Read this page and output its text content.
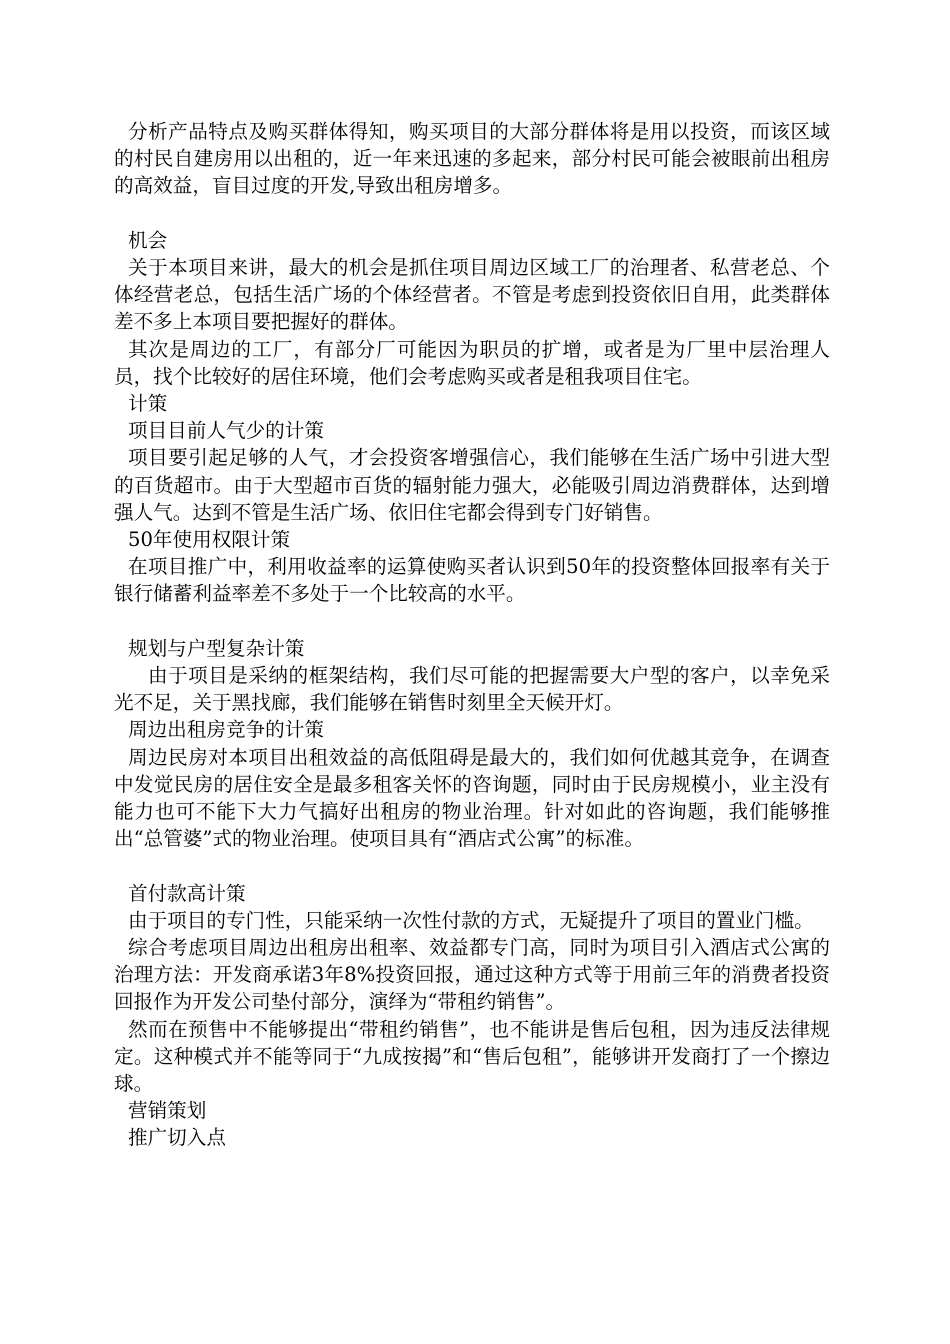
分析产品特点及购买群体得知，购买项目的大部分群体将是用以投资，而该区域的村民自建房用以出租的，近一年来迅速的多起来，部分村民可能会被眼前出租房的高效益，盲目过度的开发,导致出租房增多。

机会

关于本项目来讲，最大的机会是抓住项目周边区域工厂的治理者、私营老总、个体经营老总，包括生活广场的个体经营者。不管是考虑到投资依旧自用，此类群体差不多上本项目要把握好的群体。

其次是周边的工厂，有部分厂可能因为职员的扩增，或者是为厂里中层治理人员，找个比较好的居住环境，他们会考虑购买或者是租我项目住宅。

计策

项目目前人气少的计策

项目要引起足够的人气，才会投资客增强信心，我们能够在生活广场中引进大型的百货超市。由于大型超市百货的辐射能力强大，必能吸引周边消费群体，达到增强人气。达到不管是生活广场、依旧住宅都会得到专门好销售。

50年使用权限计策

在项目推广中，利用收益率的运算使购买者认识到50年的投资整体回报率有关于银行储蓄利益率差不多处于一个比较高的水平。

规划与户型复杂计策

由于项目是采纳的框架结构，我们尽可能的把握需要大户型的客户，以幸免采光不足，关于黑找廊，我们能够在销售时刻里全天候开灯。

周边出租房竞争的计策

周边民房对本项目出租效益的高低阻碍是最大的，我们如何优越其竞争，在调查中发觉民房的居住安全是最多租客关怀的咨询题，同时由于民房规模小，业主没有能力也可不能下大力气搞好出租房的物业治理。针对如此的咨询题，我们能够推出“总管婆”式的物业治理。使项目具有“酒店式公寓”的标准。

首付款高计策

由于项目的专门性，只能采纳一次性付款的方式，无疑提升了项目的置业门槛。

综合考虑项目周边出租房出租率、效益都专门高，同时为项目引入酒店式公寓的治理方法：开发商承诺3年8%投资回报，通过这种方式等于用前三年的消费者投资回报作为开发公司垫付部分，演绎为“带租约销售”。

然而在预售中不能够提出“带租约销售”，也不能讲是售后包租，因为违反法律规定。这种模式并不能等同于“九成按揭”和“售后包租”，能够讲开发商打了一个擦边球。

营销策划

推广切入点
